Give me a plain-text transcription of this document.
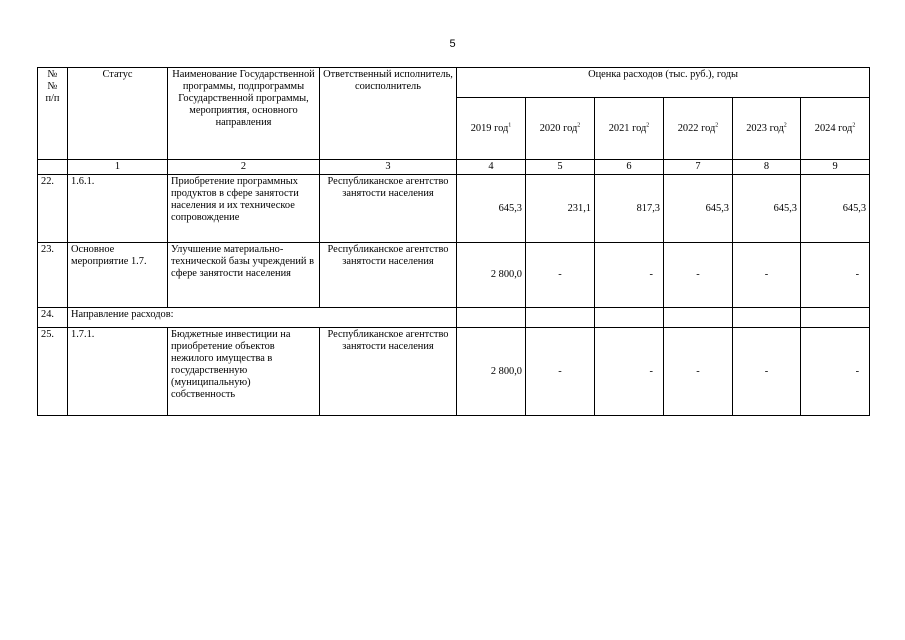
5
№
№
п/п	Статус	Наименование Государственной программы, подпрограммы Государственной программы, мероприятия, основного направления	Ответственный исполнитель, соисполнитель	Оценка расходов (тыс. руб.), годы					
				2019 год$^1$	2020 год$^2$	2021 год$^2$	2022 год$^2$	2023 год$^2$	2024 год$^2$
	1	2	3	4	5	6	7	8	9
22.	1.6.1.	Приобретение программных продуктов в сфере занятости населения и их техническое сопровождение	Республиканское агентство занятости населения	645,3	231,1	817,3	645,3	645,3	645,3
23.	Основное мероприятие 1.7.	Улучшение материально-технической базы учреждений в сфере занятости населения	Республиканское агентство занятости населения	2 800,0	-	-	-	-	-
24.	Направление расходов:								
25.	1.7.1.	Бюджетные инвестиции на приобретение объектов нежилого имущества в государственную (муниципальную) собственность	Республиканское агентство занятости населения	2 800,0	-	-	-	-	-
